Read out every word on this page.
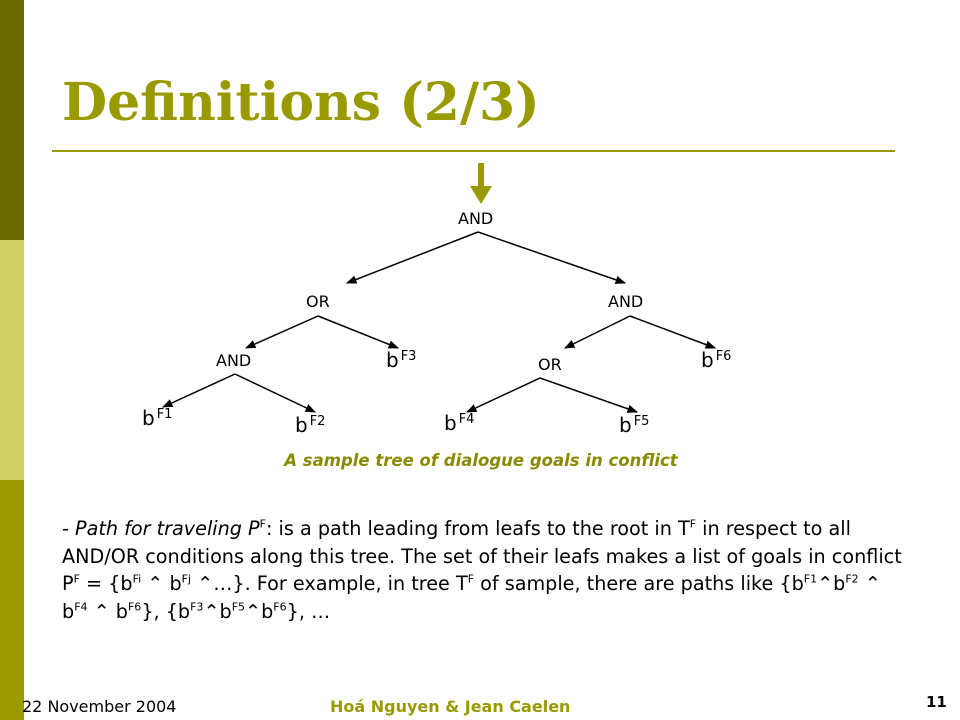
Definitions (2/3)
AND
OR	AND
AND	OR
b $^{F3}$	b $^{F6}$
b $^{F1}$	b $^{F2}$	b $^{F4}$	b $^{F5}$
A sample tree of dialogue goals in conflict

- Path for traveling $P^F$: is a path leading from leafs to the root in $T^F$ in respect to all AND/OR conditions along this tree. The set of their leafs makes a list of goals in conflict $P^F = \{b^{Fi}$ ⌃ $b^{Fj}$ ⌃…}. For example, in tree $T^F$ of sample, there are paths like {$b^{F1}⌃b^{F2}$ ⌃ $b^{F4}$ ⌃ $b^{F6}$}, $\{b^{F3}⌃b^{F5}⌃b^{F6}\}$, …

22 November 2004	Hoá Nguyen & Jean Caelen	11
